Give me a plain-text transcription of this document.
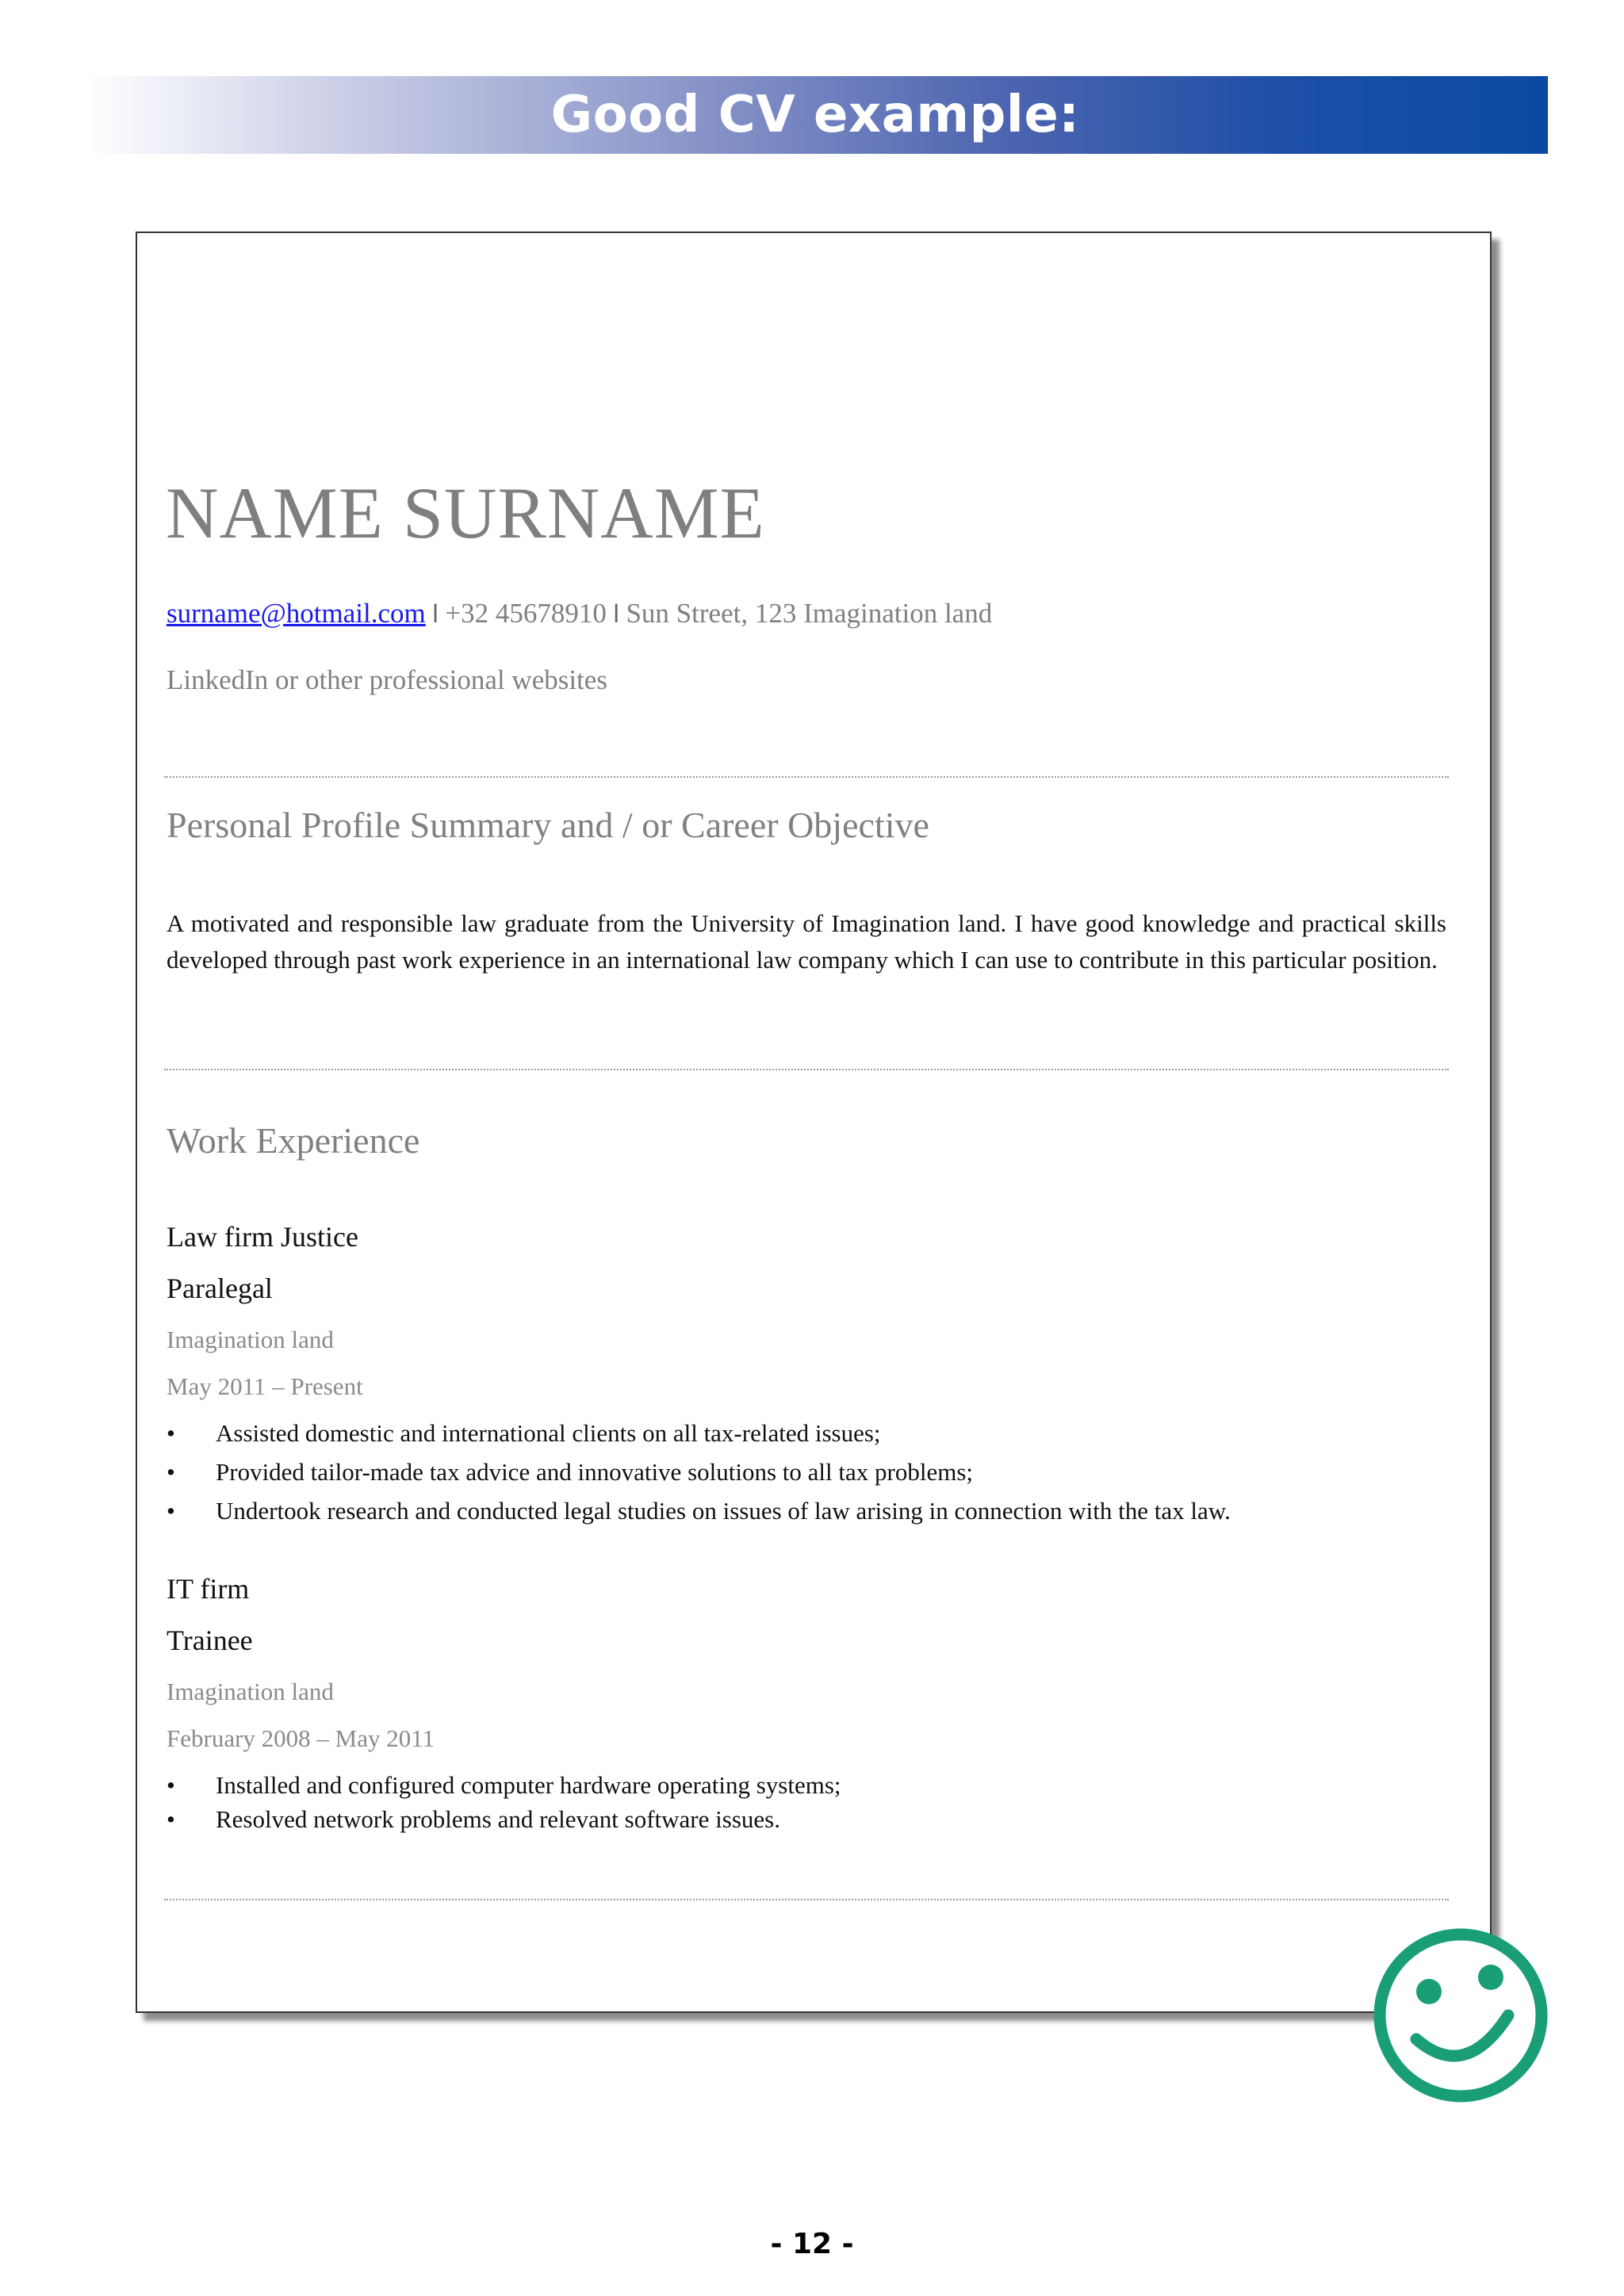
Good CV example:
NAME SURNAME
surname@hotmail.com l +32 45678910 l Sun Street, 123 Imagination land
LinkedIn or other professional websites
Personal Profile Summary and / or Career Objective

A motivated and responsible law graduate from the University of Imagination land. I have good knowledge and practical skills developed through past work experience in an international law company which I can use to contribute in this particular position.

Work Experience
Law firm Justice
Paralegal
Imagination land
May 2011 – Present
• Assisted domestic and international clients on all tax-related issues;
• Provided tailor-made tax advice and innovative solutions to all tax problems;
• Undertook research and conducted legal studies on issues of law arising in connection with the tax law.
IT firm
Trainee
Imagination land
February 2008 – May 2011
• Installed and configured computer hardware operating systems;
• Resolved network problems and relevant software issues.
- 12 -
